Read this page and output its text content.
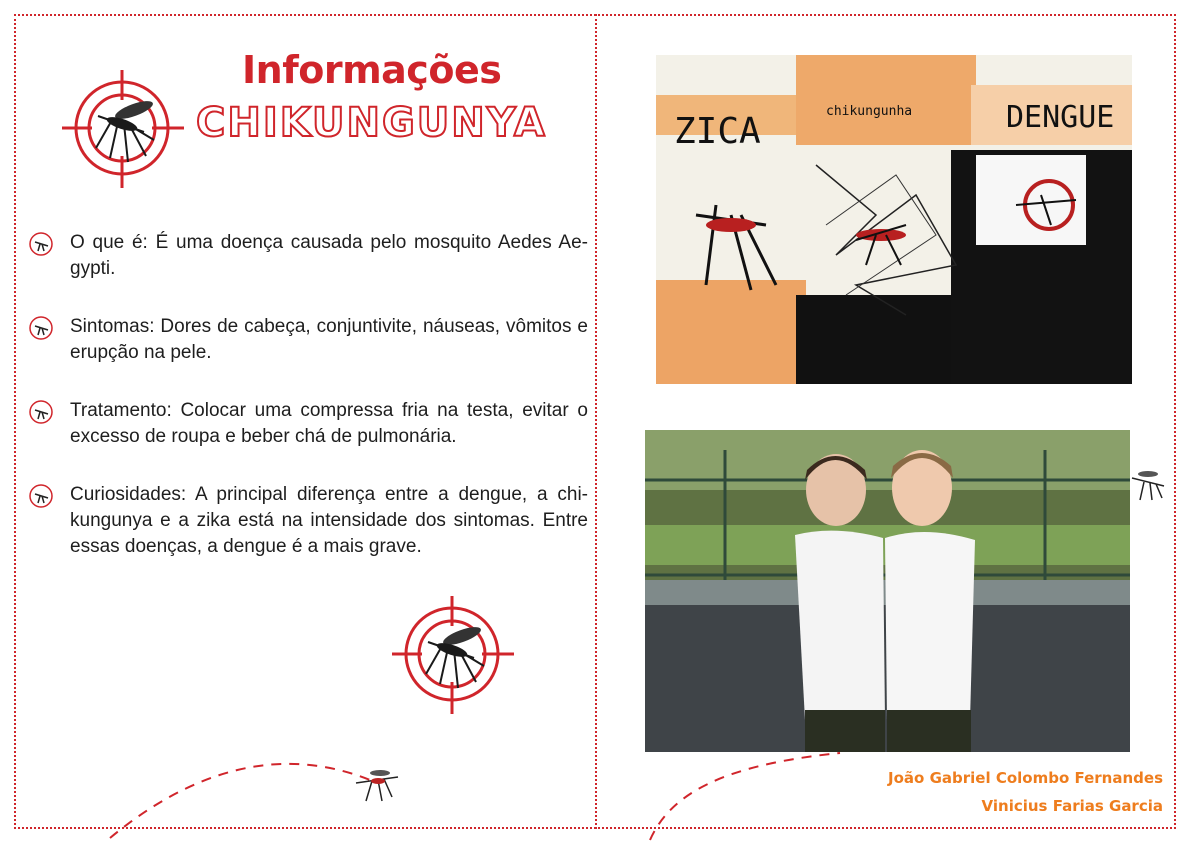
Informações
CHIKUNGUNYA
O que é: É uma doença causada pelo mosquito Aedes Ae-gypti.
Sintomas: Dores de cabeça, conjuntivite, náuseas, vômitos e erupção na pele.
Tratamento: Colocar uma compressa fria na testa, evitar o excesso de roupa e beber chá de pulmonária.
Curiosidades: A principal diferença entre a dengue, a chi-kungunya e a zika está na intensidade dos sintomas. Entre essas doenças, a dengue é a mais grave.
ZICA	chikungunha	DENGUE
João Gabriel Colombo Fernandes
Vinicius Farias Garcia
